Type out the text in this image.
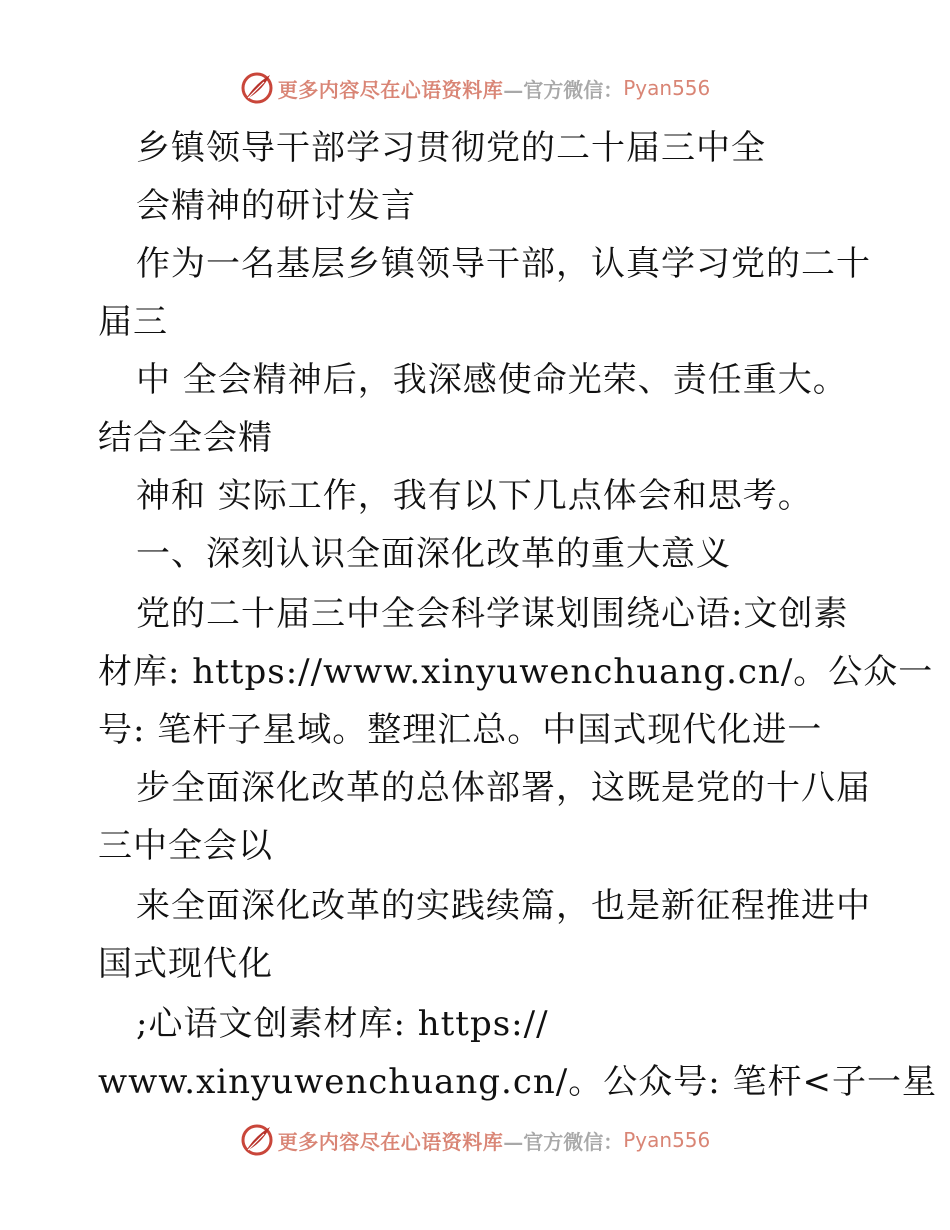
更多内容尽在心语资料库 —官方微信： Pyan556
乡镇领导干部学习贯彻党的二十届三中全
会精神的研讨发言
作为一名基层乡镇领导干部，认真学习党的二十
届三
中 全会精神后，我深感使命光荣、责任重大。
结合全会精
神和 实际工作，我有以下几点体会和思考。
一、深刻认识全面深化改革的重大意义
党的二十届三中全会科学谋划围绕心语:文创素
材库: https://www.xinyuwenchuang.cn/。公众一
号: 笔杆子星域。整理汇总。中国式现代化进一
步全面深化改革的总体部署，这既是党的十八届
三中全会以
来全面深化改革的实践续篇，也是新征程推进中
国式现代化
;心语文创素材库: https://
www.xinyuwenchuang.cn/。公众号: 笔杆<子一星
更多内容尽在心语资料库 —官方微信： Pyan556
